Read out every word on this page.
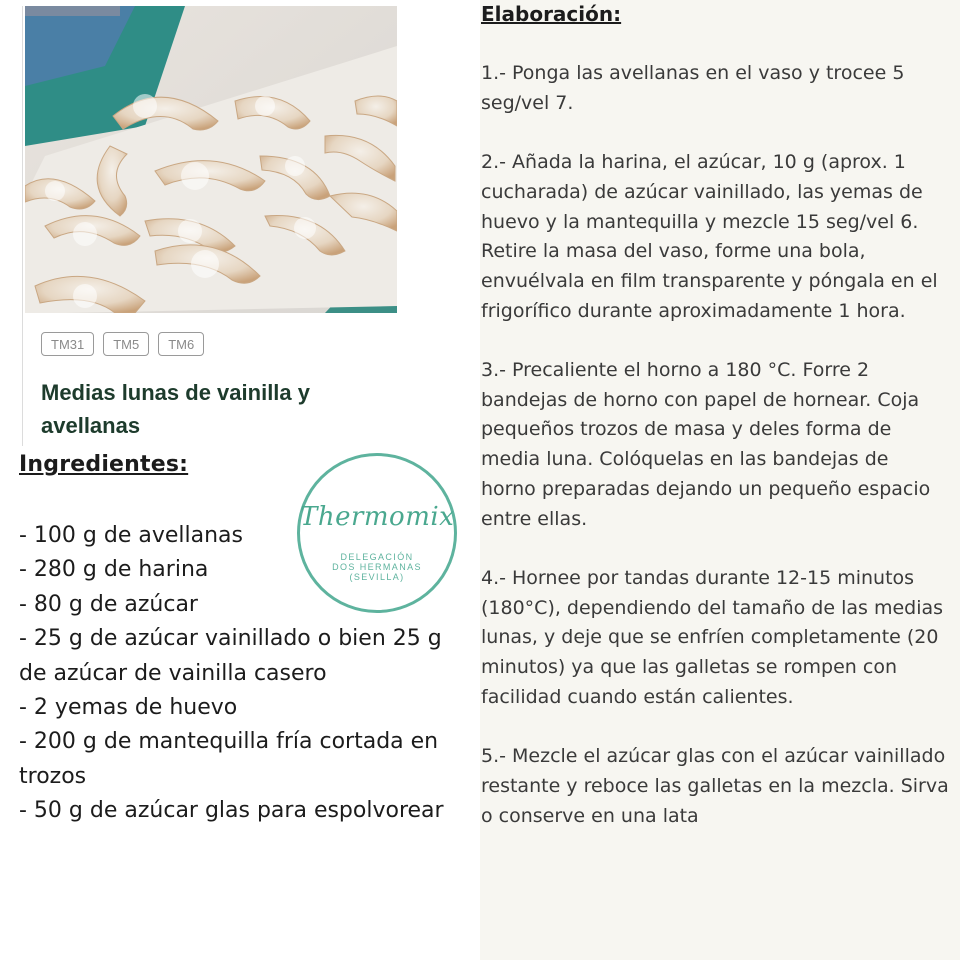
TM31	TM5	TM6
Medias lunas de vainilla y avellanas
Ingredientes:
- 100 g de avellanas
- 280 g de harina
- 80 g de azúcar
- 25 g de azúcar vainillado o bien 25 g de azúcar de vainilla casero
- 2 yemas de huevo
- 200 g de mantequilla fría cortada en trozos
- 50 g de azúcar glas para espolvorear
Thermomix
DELEGACIÓN
DOS HERMANAS
(SEVILLA)
Elaboración:

1.- Ponga las avellanas en el vaso y trocee 5 seg/vel 7.

2.- Añada la harina, el azúcar, 10 g (aprox. 1 cucharada) de azúcar vainillado, las yemas de huevo y la mantequilla y mezcle 15 seg/vel 6. Retire la masa del vaso, forme una bola, envuélvala en film transparente y póngala en el frigorífico durante aproximadamente 1 hora.

3.- Precaliente el horno a 180 °C. Forre 2 bandejas de horno con papel de hornear. Coja pequeños trozos de masa y deles forma de media luna. Colóquelas en las bandejas de horno preparadas dejando un pequeño espacio entre ellas.

4.- Hornee por tandas durante 12-15 minutos (180°C), dependiendo del tamaño de las medias lunas, y deje que se enfríen completamente (20 minutos) ya que las galletas se rompen con facilidad cuando están calientes.

5.- Mezcle el azúcar glas con el azúcar vainillado restante y reboce las galletas en la mezcla. Sirva o conserve en una lata
